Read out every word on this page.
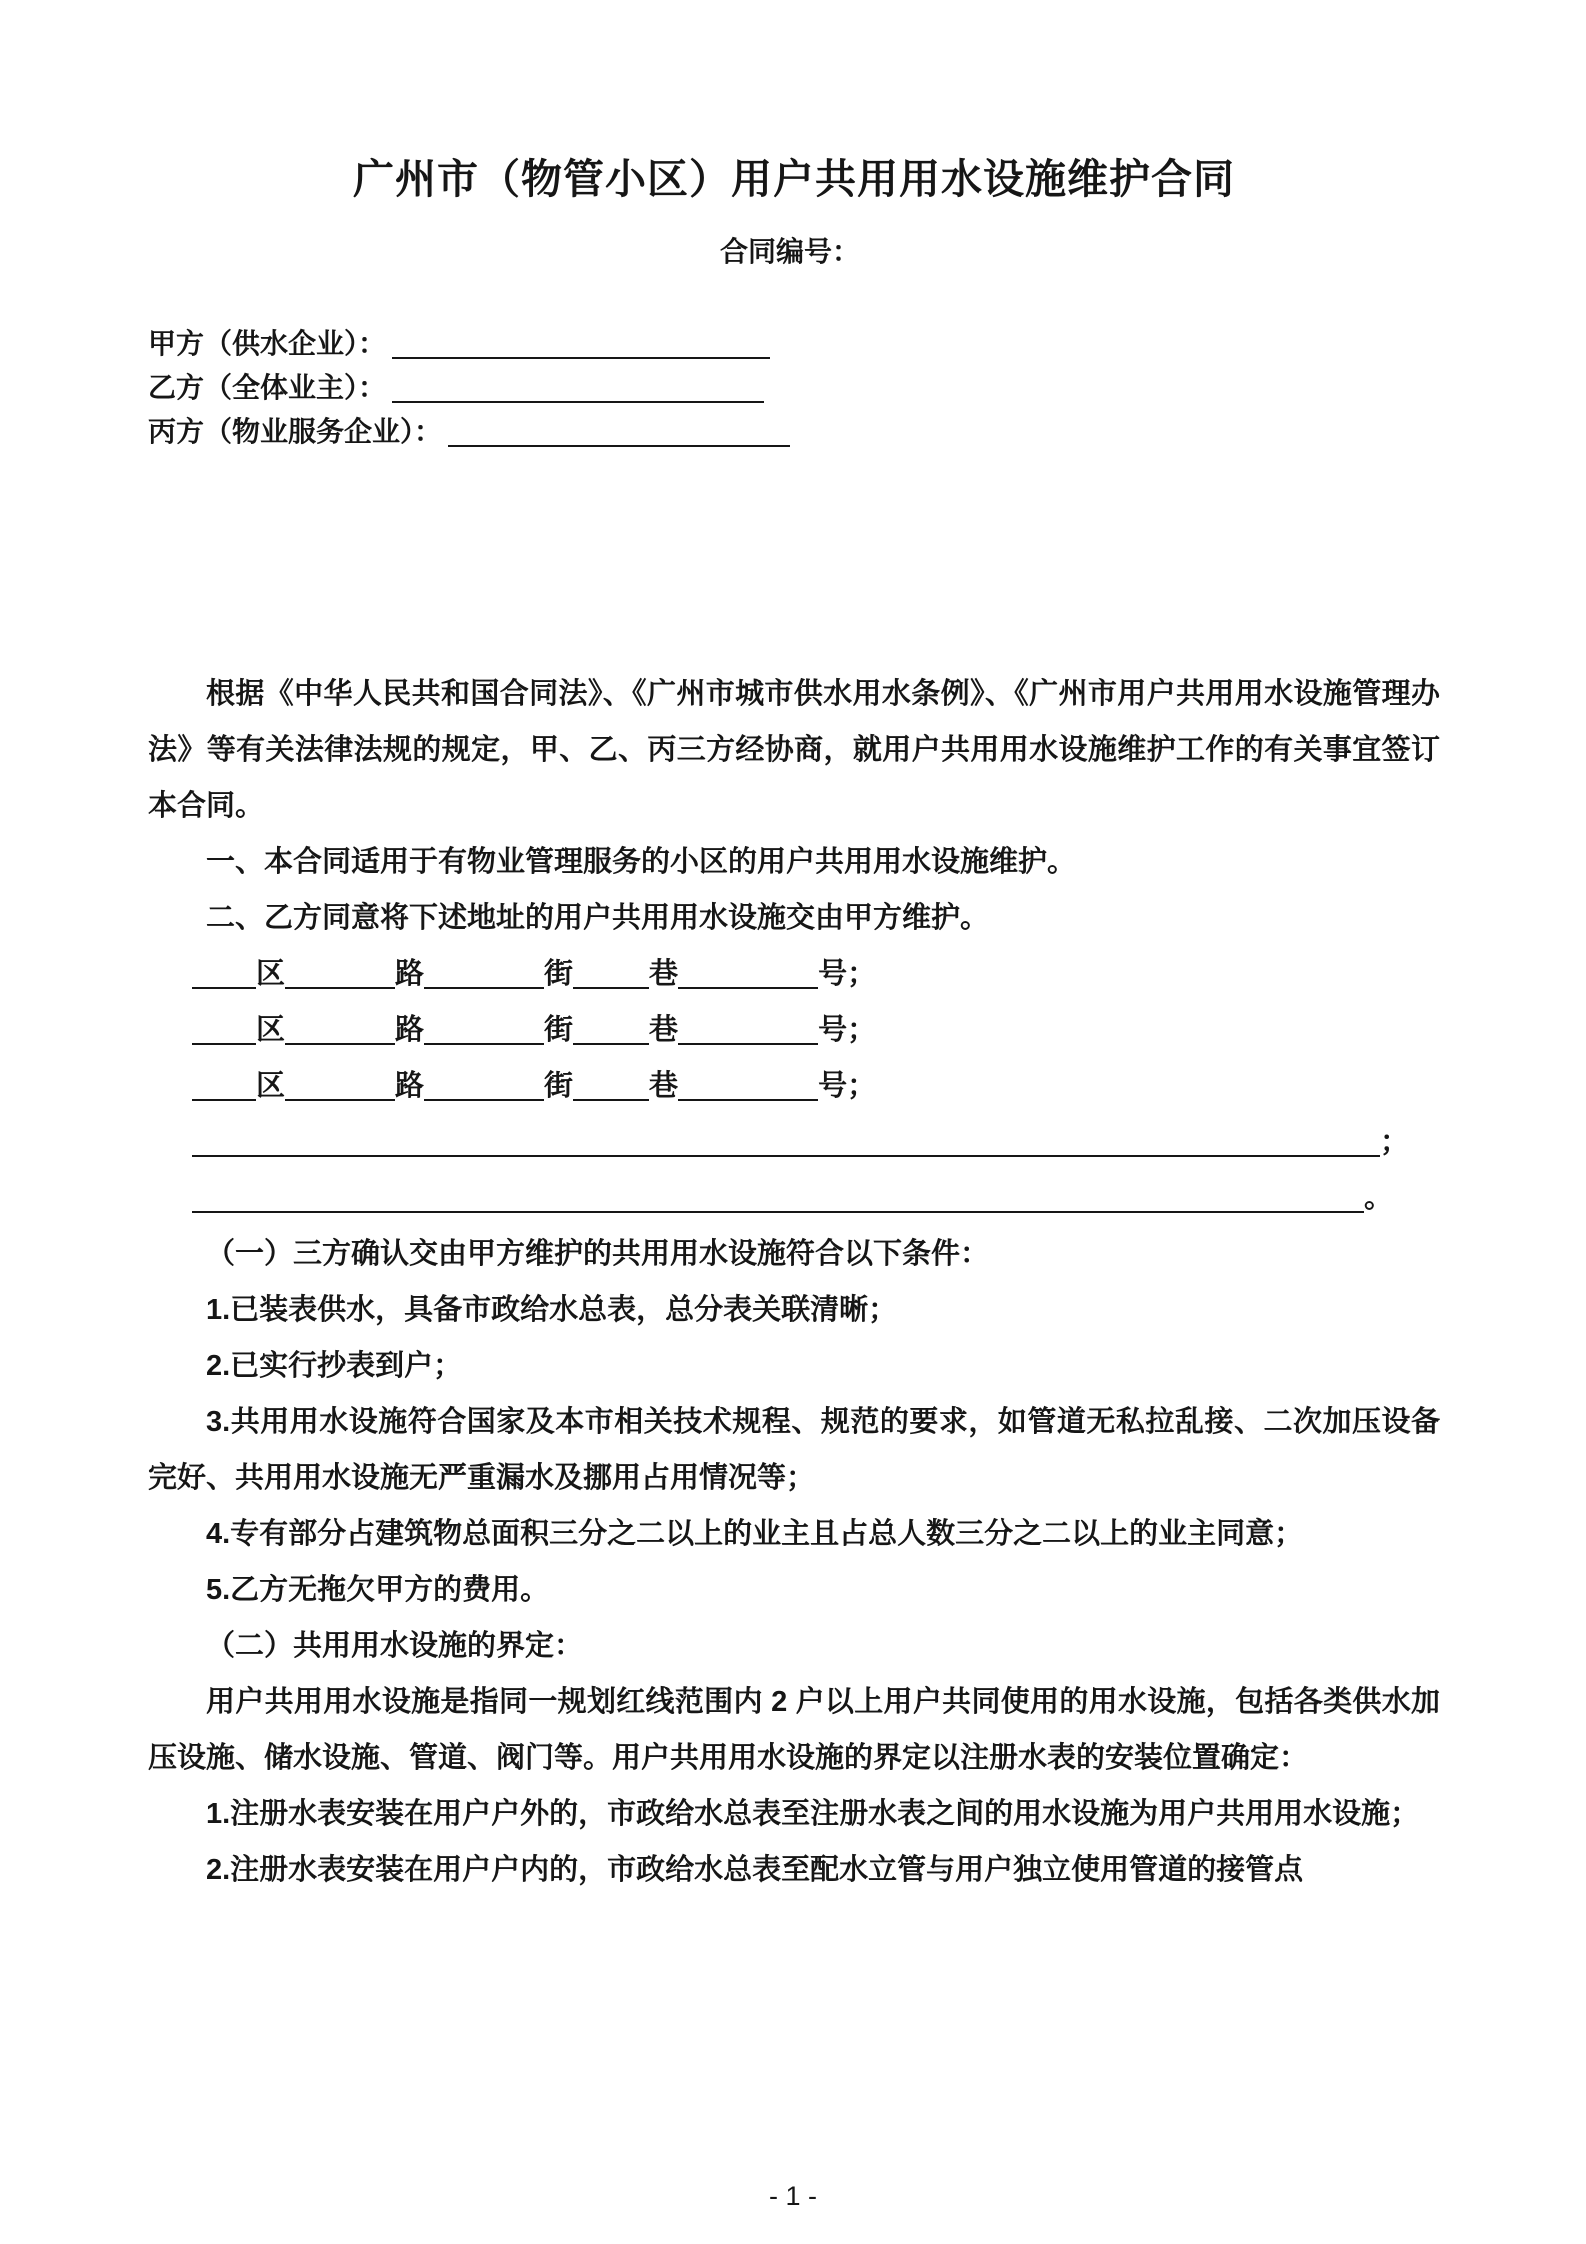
广州市（物管小区）用户共用用水设施维护合同
合同编号：
甲方（供水企业）：
乙方（全体业主）：
丙方（物业服务企业）：

根据《中华人民共和国合同法》、《广州市城市供水用水条例》、《广州市用户共用用水设施管理办法》等有关法律法规的规定，甲、乙、丙三方经协商，就用户共用用水设施维护工作的有关事宜签订本合同。

一、本合同适用于有物业管理服务的小区的用户共用用水设施维护。

二、乙方同意将下述地址的用户共用用水设施交由甲方维护。

区	路	街	巷	号；
区	路	街	巷	号；
区	路	街	巷	号；
；
。

（一）三方确认交由甲方维护的共用用水设施符合以下条件：

1.已装表供水，具备市政给水总表，总分表关联清晰；

2.已实行抄表到户；

3.共用用水设施符合国家及本市相关技术规程、规范的要求，如管道无私拉乱接、二次加压设备完好、共用用水设施无严重漏水及挪用占用情况等；

4.专有部分占建筑物总面积三分之二以上的业主且占总人数三分之二以上的业主同意；

5.乙方无拖欠甲方的费用。

（二）共用用水设施的界定：

用户共用用水设施是指同一规划红线范围内 2 户以上用户共同使用的用水设施，包括各类供水加压设施、储水设施、管道、阀门等。用户共用用水设施的界定以注册水表的安装位置确定：

1.注册水表安装在用户户外的，市政给水总表至注册水表之间的用水设施为用户共用用水设施；

2.注册水表安装在用户户内的，市政给水总表至配水立管与用户独立使用管道的接管点

- 1 -
